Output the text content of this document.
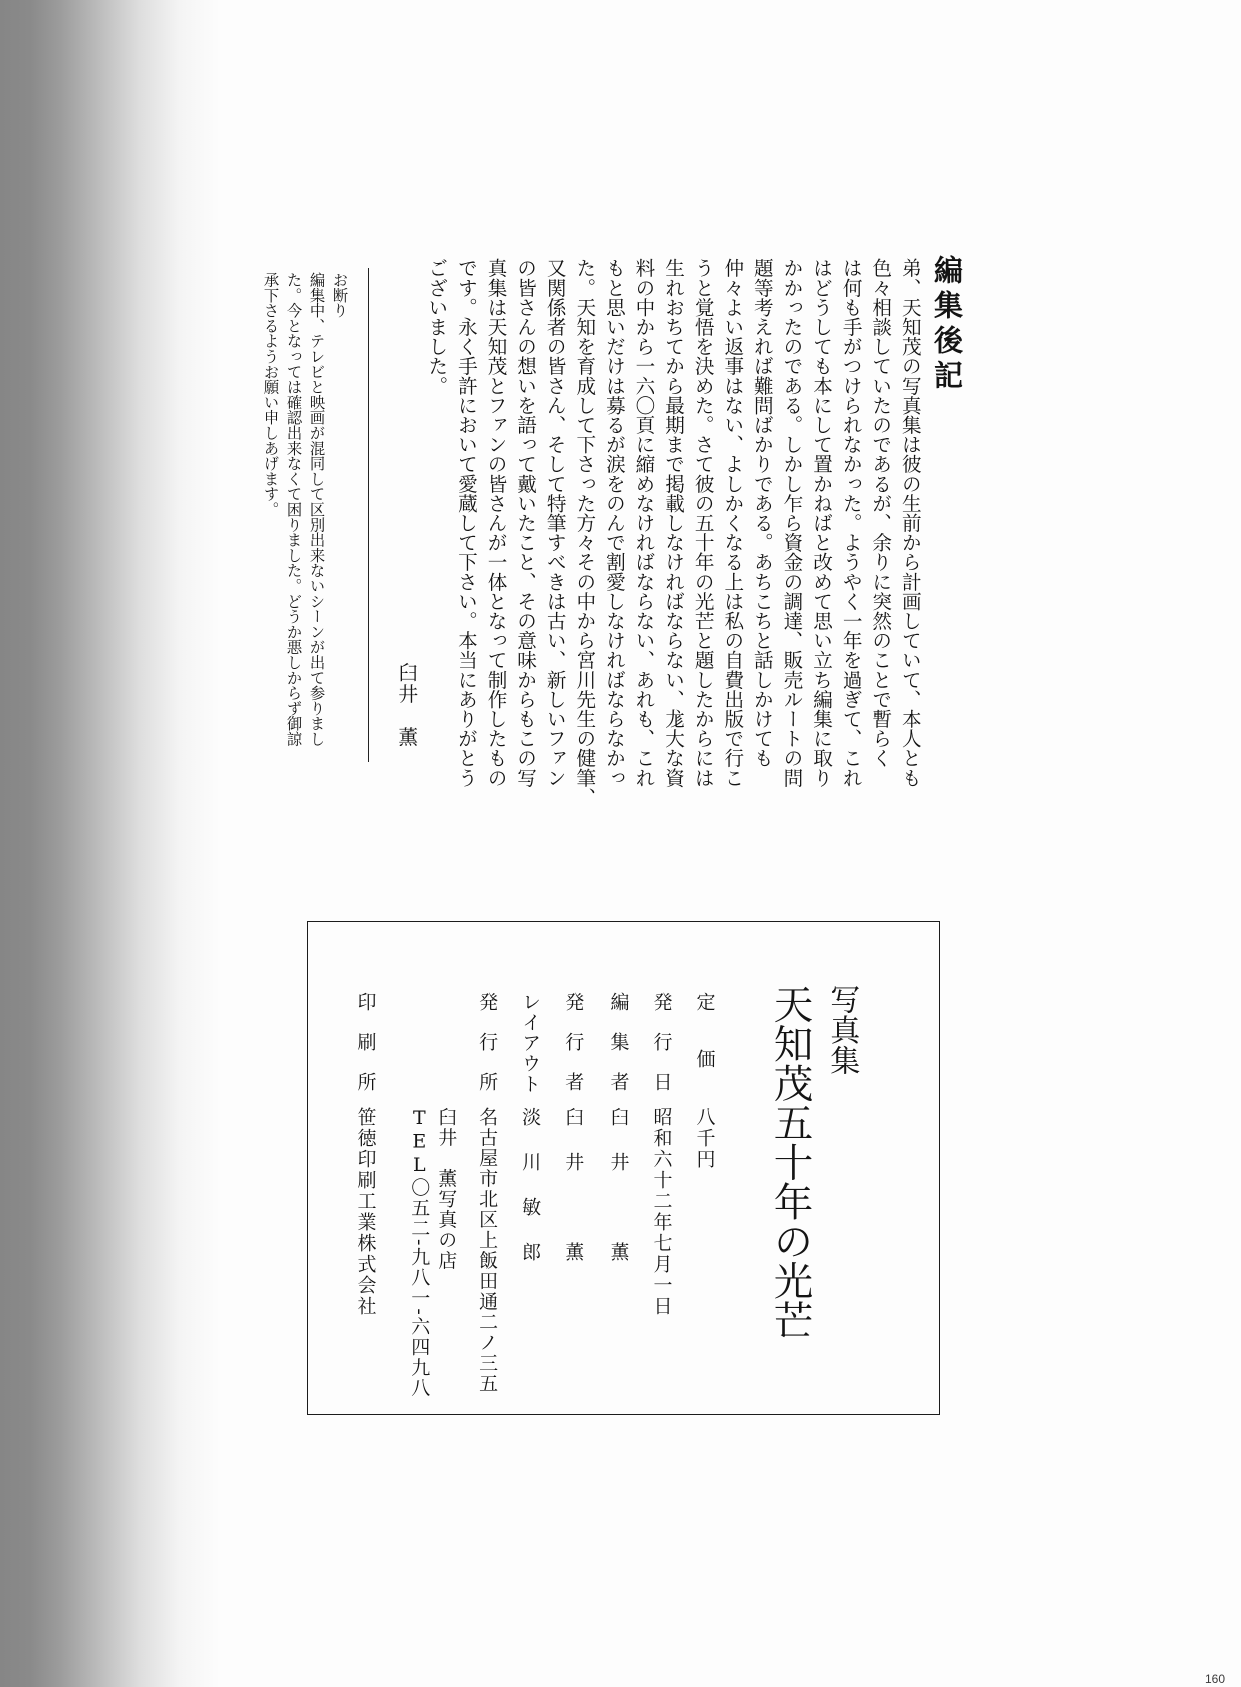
編集後記
弟、天知茂の写真集は彼の生前から計画していて、本人とも
色々相談していたのであるが、余りに突然のことで暫らく
は何も手がつけられなかった。ようやく一年を過ぎて、これ
はどうしても本にして置かねばと改めて思い立ち編集に取り
かかったのである。しかし乍ら資金の調達、販売ルートの問
題等考えれば難問ばかりである。あちこちと話しかけても
仲々よい返事はない、よしかくなる上は私の自費出版で行こ
うと覚悟を決めた。さて彼の五十年の光芒と題したからには
生れおちてから最期まで掲載しなければならない、尨大な資
料の中から一六〇頁に縮めなければならない、あれも、これ
もと思いだけは募るが涙をのんで割愛しなければならなかっ
た。天知を育成して下さった方々その中から宮川先生の健筆、
又関係者の皆さん、そして特筆すべきは古い、新しいファン
の皆さんの想いを語って戴いたこと、その意味からもこの写
真集は天知茂とファンの皆さんが一体となって制作したもの
です。永く手許において愛蔵して下さい。本当にありがとう
ございました。
臼井　薫
お断り
編集中、テレビと映画が混同して区別出来ないシーンが出て参りまし
た。今となっては確認出来なくて困りました。どうか悪しからず御諒
承下さるようお願い申しあげます。
写真集
天知茂五十年の光芒
定価
八千円
発行日
昭和六十二年七月一日
編集者
臼井　薫
発行者
臼井　薫
レイアウト
淡川敏郎
発行所
名古屋市北区上飯田通二ノ三五
臼井　薫写真の店
TEL〇五二-九八一-六四九八
印刷所
笹徳印刷工業株式会社
160
